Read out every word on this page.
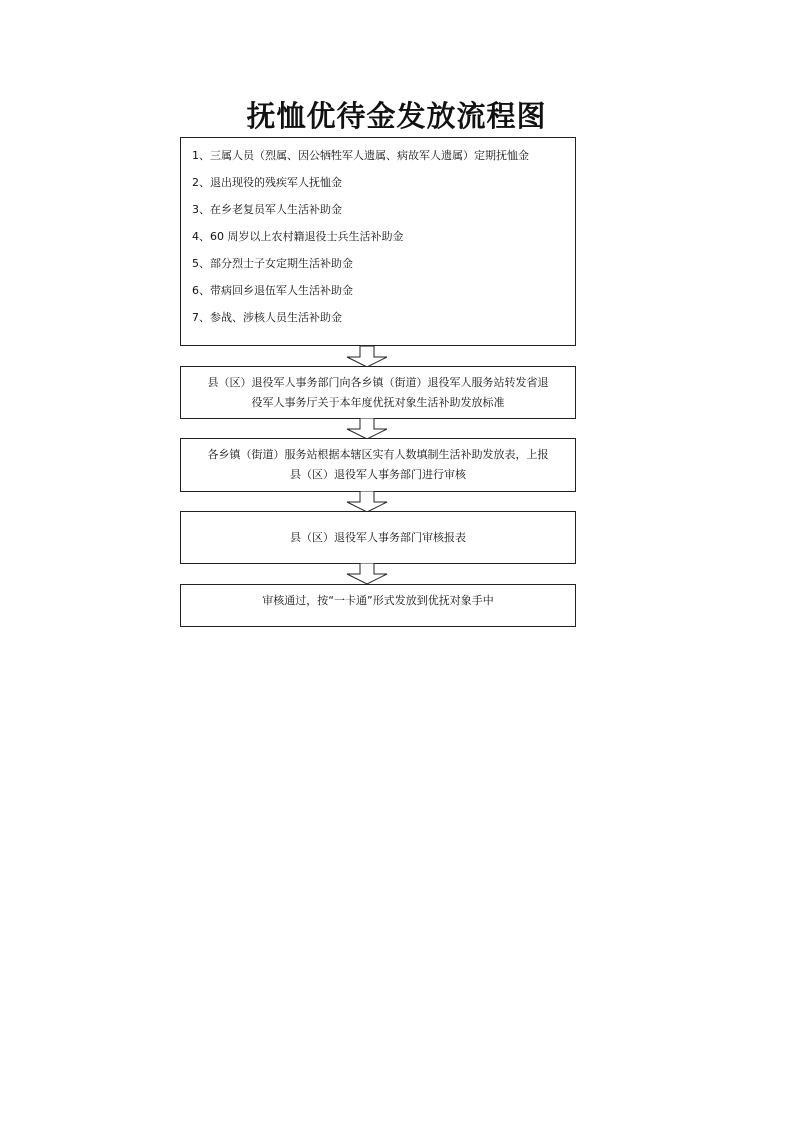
抚恤优待金发放流程图
1、三属人员（烈属、因公牺牲军人遗属、病故军人遗属）定期抚恤金
2、退出现役的残疾军人抚恤金
3、在乡老复员军人生活补助金
4、60 周岁以上农村籍退役士兵生活补助金
5、部分烈士子女定期生活补助金
6、带病回乡退伍军人生活补助金
7、参战、涉核人员生活补助金
县（区）退役军人事务部门向各乡镇（街道）退役军人服务站转发省退
役军人事务厅关于本年度优抚对象生活补助发放标准
各乡镇（街道）服务站根据本辖区实有人数填制生活补助发放表，上报
县（区）退役军人事务部门进行审核
县（区）退役军人事务部门审核报表
审核通过，按“一卡通”形式发放到优抚对象手中
